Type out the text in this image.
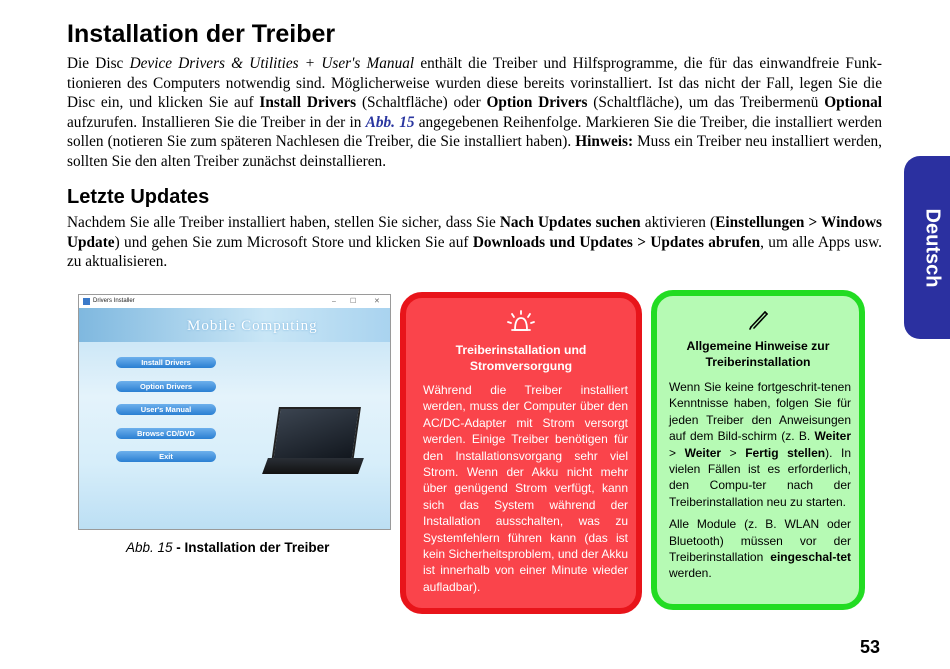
Installation der Treiber
Die Disc Device Drivers & Utilities + User's Manual enthält die Treiber und Hilfsprogramme, die für das einwandfreie Funk-tionieren des Computers notwendig sind. Möglicherweise wurden diese bereits vorinstalliert. Ist das nicht der Fall, legen Sie die Disc ein, und klicken Sie auf Install Drivers (Schaltfläche) oder Option Drivers (Schaltfläche), um das Treibermenü Optional aufzurufen. Installieren Sie die Treiber in der in Abb. 15 angegebenen Reihenfolge. Markieren Sie die Treiber, die installiert werden sollen (notieren Sie zum späteren Nachlesen die Treiber, die Sie installiert haben). Hinweis: Muss ein Treiber neu installiert werden, sollten Sie den alten Treiber zunächst deinstallieren.
Letzte Updates
Nachdem Sie alle Treiber installiert haben, stellen Sie sicher, dass Sie Nach Updates suchen aktivieren (Einstellungen > Windows Update) und gehen Sie zum Microsoft Store und klicken Sie auf Downloads und Updates > Updates abrufen, um alle Apps usw. zu aktualisieren.	Deutsch
Drivers Installer	– ☐	✕
Mobile Computing
Install Drivers
Option Drivers
User's Manual
Browse CD/DVD
Exit
Abb. 15 - Installation der Treiber
Treiberinstallation und Stromversorgung
Während die Treiber installiert werden, muss der Computer über den AC/DC-Adapter mit Strom versorgt werden. Einige Treiber benötigen für den Installationsvorgang sehr viel Strom. Wenn der Akku nicht mehr über genügend Strom verfügt, kann sich das System während der Installation ausschalten, was zu Systemfehlern führen kann (das ist kein Sicherheitsproblem, und der Akku ist innerhalb von einer Minute wieder aufladbar).
Allgemeine Hinweise zur Treiberinstallation

Wenn Sie keine fortgeschrit-tenen Kenntnisse haben, folgen Sie für jeden Treiber den Anweisungen auf dem Bild-schirm (z. B. Weiter > Weiter > Fertig stellen). In vielen Fällen ist es erforderlich, den Compu-ter nach der Treiberinstallation neu zu starten.

Alle Module (z. B. WLAN oder Bluetooth) müssen vor der Treiberinstallation eingeschal-tet werden.

53
